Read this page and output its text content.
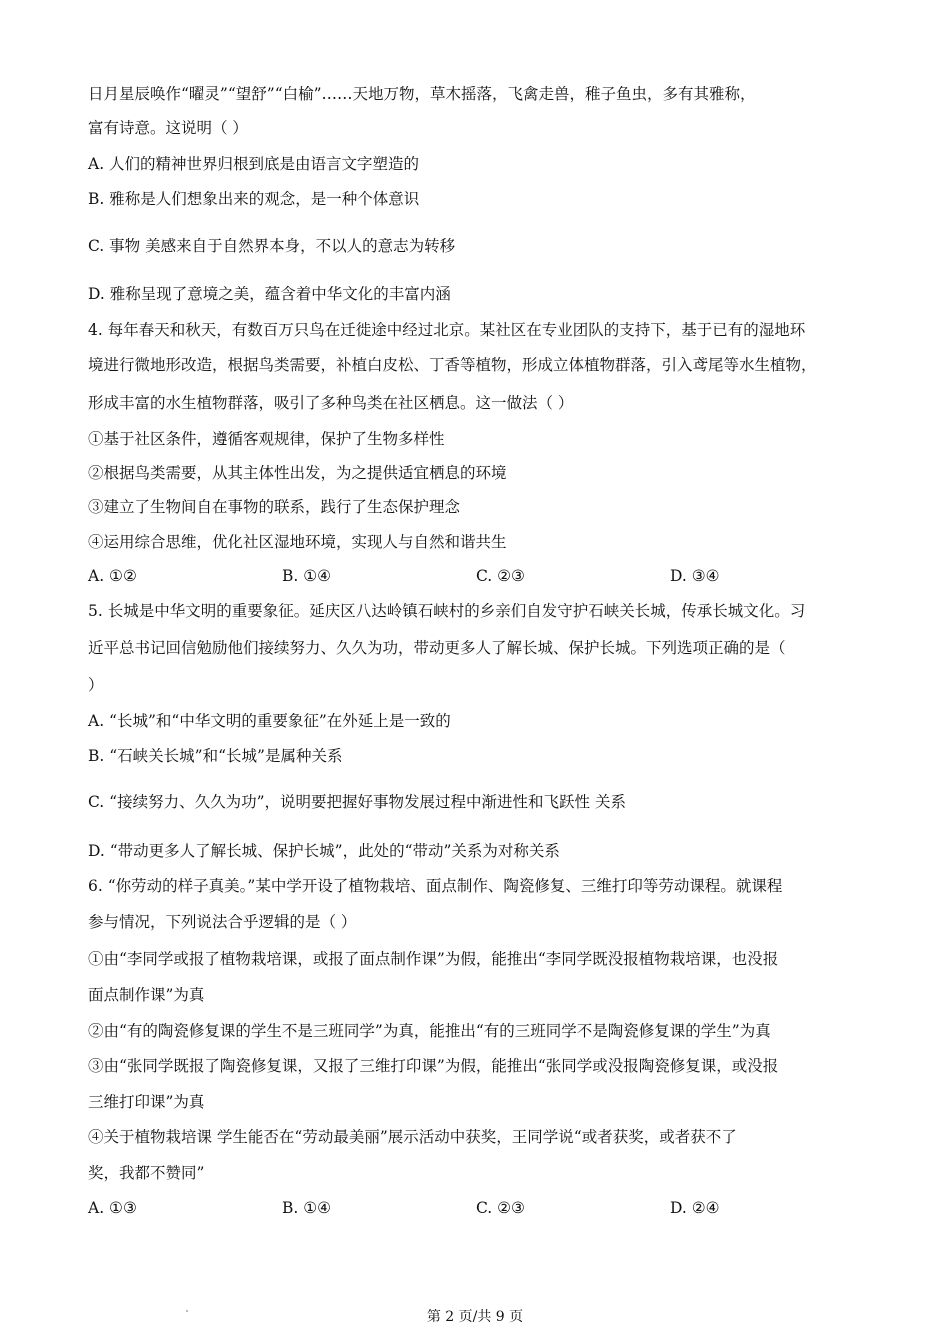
日月星辰唤作“曜灵”“望舒”“白榆”……天地万物，草木摇落，飞禽走兽，稚子鱼虫，多有其雅称，
富有诗意。这说明（ ）
A. 人们的精神世界归根到底是由语言文字塑造的
B. 雅称是人们想象出来的观念，是一种个体意识
C. 事物 美感来自于自然界本身，不以人的意志为转移
D. 雅称呈现了意境之美，蕴含着中华文化的丰富内涵
4. 每年春天和秋天，有数百万只鸟在迁徙途中经过北京。某社区在专业团队的支持下，基于已有的湿地环
境进行微地形改造，根据鸟类需要，补植白皮松、丁香等植物，形成立体植物群落，引入鸢尾等水生植物，
形成丰富的水生植物群落，吸引了多种鸟类在社区栖息。这一做法（ ）
①基于社区条件，遵循客观规律，保护了生物多样性
②根据鸟类需要，从其主体性出发，为之提供适宜栖息的环境
③建立了生物间自在事物的联系，践行了生态保护理念
④运用综合思维，优化社区湿地环境，实现人与自然和谐共生
A. ①②	B. ①④	C. ②③	D. ③④
5. 长城是中华文明的重要象征。延庆区八达岭镇石峡村的乡亲们自发守护石峡关长城，传承长城文化。习
近平总书记回信勉励他们接续努力、久久为功，带动更多人了解长城、保护长城。下列选项正确的是（
）
A. “长城”和“中华文明的重要象征”在外延上是一致的
B. “石峡关长城”和“长城”是属种关系
C. “接续努力、久久为功”，说明要把握好事物发展过程中渐进性和飞跃性 关系
D. “带动更多人了解长城、保护长城”，此处的“带动”关系为对称关系
6. “你劳动的样子真美。”某中学开设了植物栽培、面点制作、陶瓷修复、三维打印等劳动课程。就课程
参与情况，下列说法合乎逻辑的是（ ）
①由“李同学或报了植物栽培课，或报了面点制作课”为假，能推出“李同学既没报植物栽培课，也没报
面点制作课”为真
②由“有的陶瓷修复课的学生不是三班同学”为真，能推出“有的三班同学不是陶瓷修复课的学生”为真
③由“张同学既报了陶瓷修复课，又报了三维打印课”为假，能推出“张同学或没报陶瓷修复课，或没报
三维打印课”为真
④关于植物栽培课 学生能否在“劳动最美丽”展示活动中获奖，王同学说“或者获奖，或者获不了
奖，我都不赞同”
A. ①③	B. ①④	C. ②③	D. ②④
第 2 页/共 9 页
